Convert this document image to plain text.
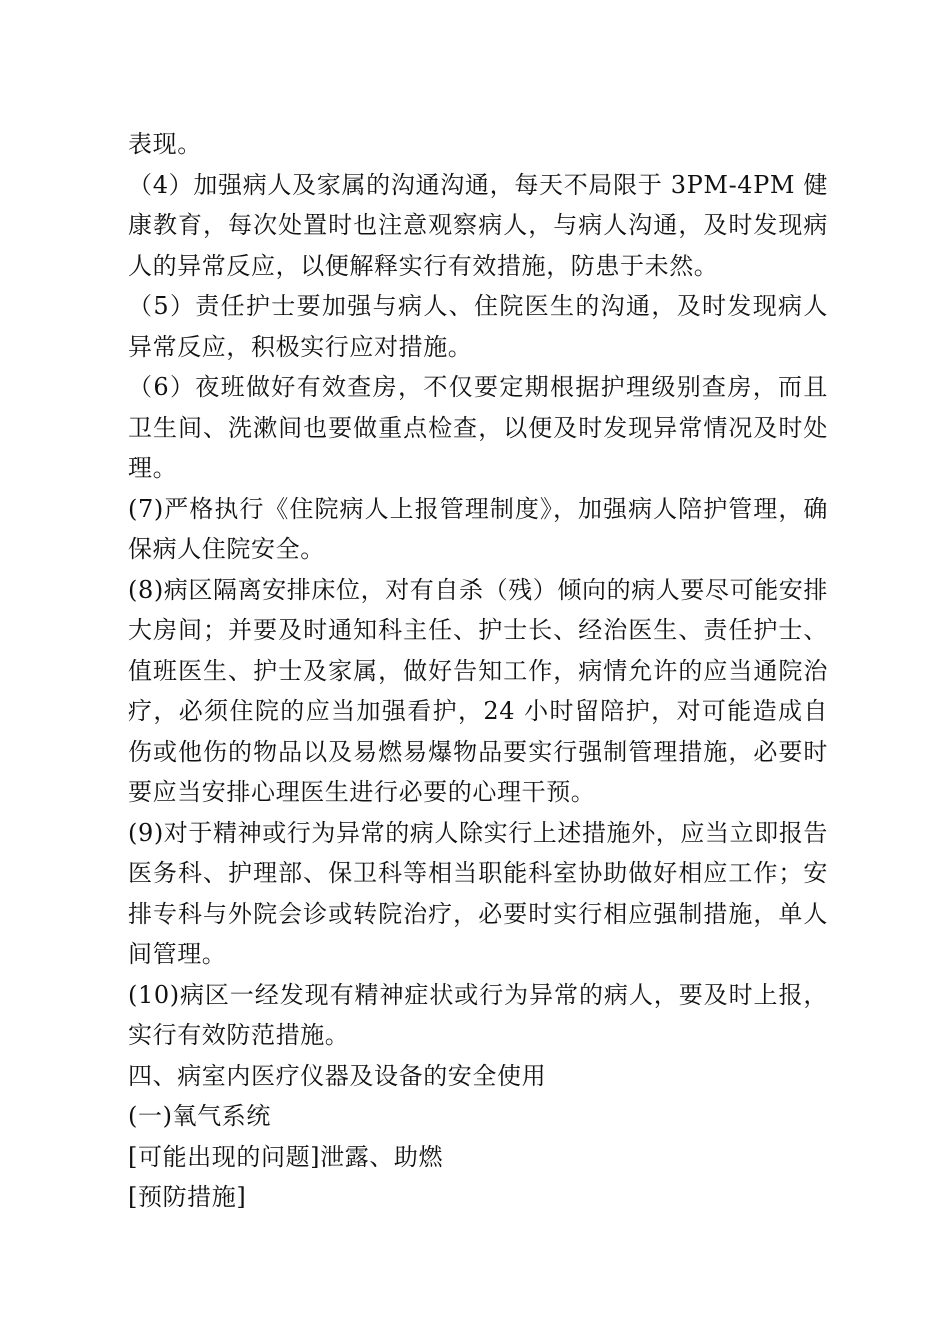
表现。

（4）加强病人及家属的沟通沟通，每天不局限于 3PM-4PM 健康教育，每次处置时也注意观察病人，与病人沟通，及时发现病人的异常反应，以便解释实行有效措施，防患于未然。

（5）责任护士要加强与病人、住院医生的沟通，及时发现病人异常反应，积极实行应对措施。

（6）夜班做好有效查房，不仅要定期根据护理级别查房，而且卫生间、洗漱间也要做重点检查，以便及时发现异常情况及时处理。

(7)严格执行《住院病人上报管理制度》，加强病人陪护管理，确保病人住院安全。

(8)病区隔离安排床位，对有自杀（残）倾向的病人要尽可能安排大房间；并要及时通知科主任、护士长、经治医生、责任护士、值班医生、护士及家属，做好告知工作，病情允许的应当通院治疗，必须住院的应当加强看护，24 小时留陪护，对可能造成自伤或他伤的物品以及易燃易爆物品要实行强制管理措施，必要时要应当安排心理医生进行必要的心理干预。

(9)对于精神或行为异常的病人除实行上述措施外，应当立即报告医务科、护理部、保卫科等相当职能科室协助做好相应工作；安排专科与外院会诊或转院治疗，必要时实行相应强制措施，单人间管理。

(10)病区一经发现有精神症状或行为异常的病人，要及时上报，实行有效防范措施。

四、病室内医疗仪器及设备的安全使用

(一)氧气系统

[可能出现的问题]泄露、助燃

[预防措施]
